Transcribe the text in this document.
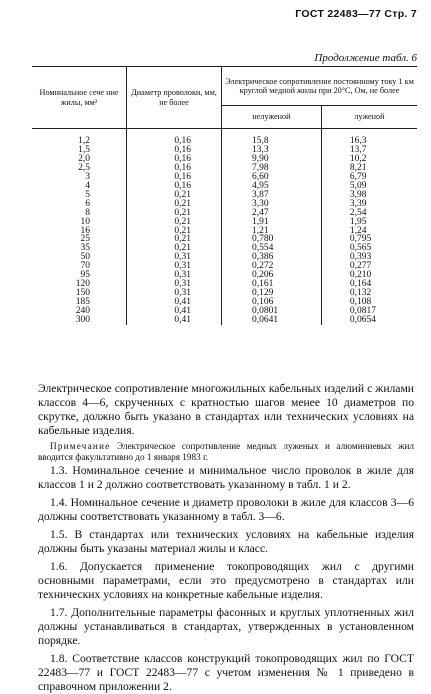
ГОСТ 22483—77 Стр. 7
Продолжение табл. 6
Номинальное сече ние жилы, мм²	Диаметр проволоки, мм, не более	Электрическое сопротивление постоянному току 1 км круглой медной жилы при 20°С, Ом, не более	
		нелуженой	луженой
1,2	0,16	15,8	16,3
1,5	0,16	13,3	13,7
2,0	0,16	9,90	10,2
2,5	0,16	7,98	8,21
3	0,16	6,60	6,79
4	0,16	4,95	5,09
5	0,21	3,87	3,98
6	0,21	3,30	3,39
8	0,21	2,47	2,54
10	0,21	1,91	1,95
16	0,21	1,21	1,24
25	0,21	0,780	0,795
35	0,21	0,554	0,565
50	0,31	0,386	0,393
70	0,31	0,272	0,277
95	0,31	0,206	0,210
120	0,31	0,161	0,164
150	0,31	0,129	0,132
185	0,41	0,106	0,108
240	0,41	0,0801	0,0817
300	0,41	0,0641	0,0654

Электрическое сопротивление многожильных кабельных изделий с жилами классов 4—6, скрученных с кратностью шагов менее 10 диаметров по скрутке, должно быть указано в стандартах или технических условиях на кабельные изделия.

Примечание Электрическое сопротивление медных луженых и алюминиевых жил вводится факультативно до 1 января 1983 г.

1.3. Номинальное сечение и минимальное число проволок в жиле для классов 1 и 2 должно соответствовать указанному в табл. 1 и 2.

1.4. Номинальное сечение и диаметр проволоки в жиле для классов 3—6 должны соответствовать указанному в табл. 3—6.

1.5. В стандартах или технических условиях на кабельные изделия должны быть указаны материал жилы и класс.

1.6. Допускается применение токопроводящих жил с другими основными параметрами, если это предусмотрено в стандартах или технических условиях на конкретные кабельные изделия.

1.7. Дополнительные параметры фасонных и круглых уплотненных жил должны устанавливаться в стандартах, утвержденных в установленном порядке.

1.8. Соответствие классов конструкций токопроводящих жил по ГОСТ 22483—77 и ГОСТ 22483—77 с учетом изменения № 1 приведено в справочном приложении 2.
